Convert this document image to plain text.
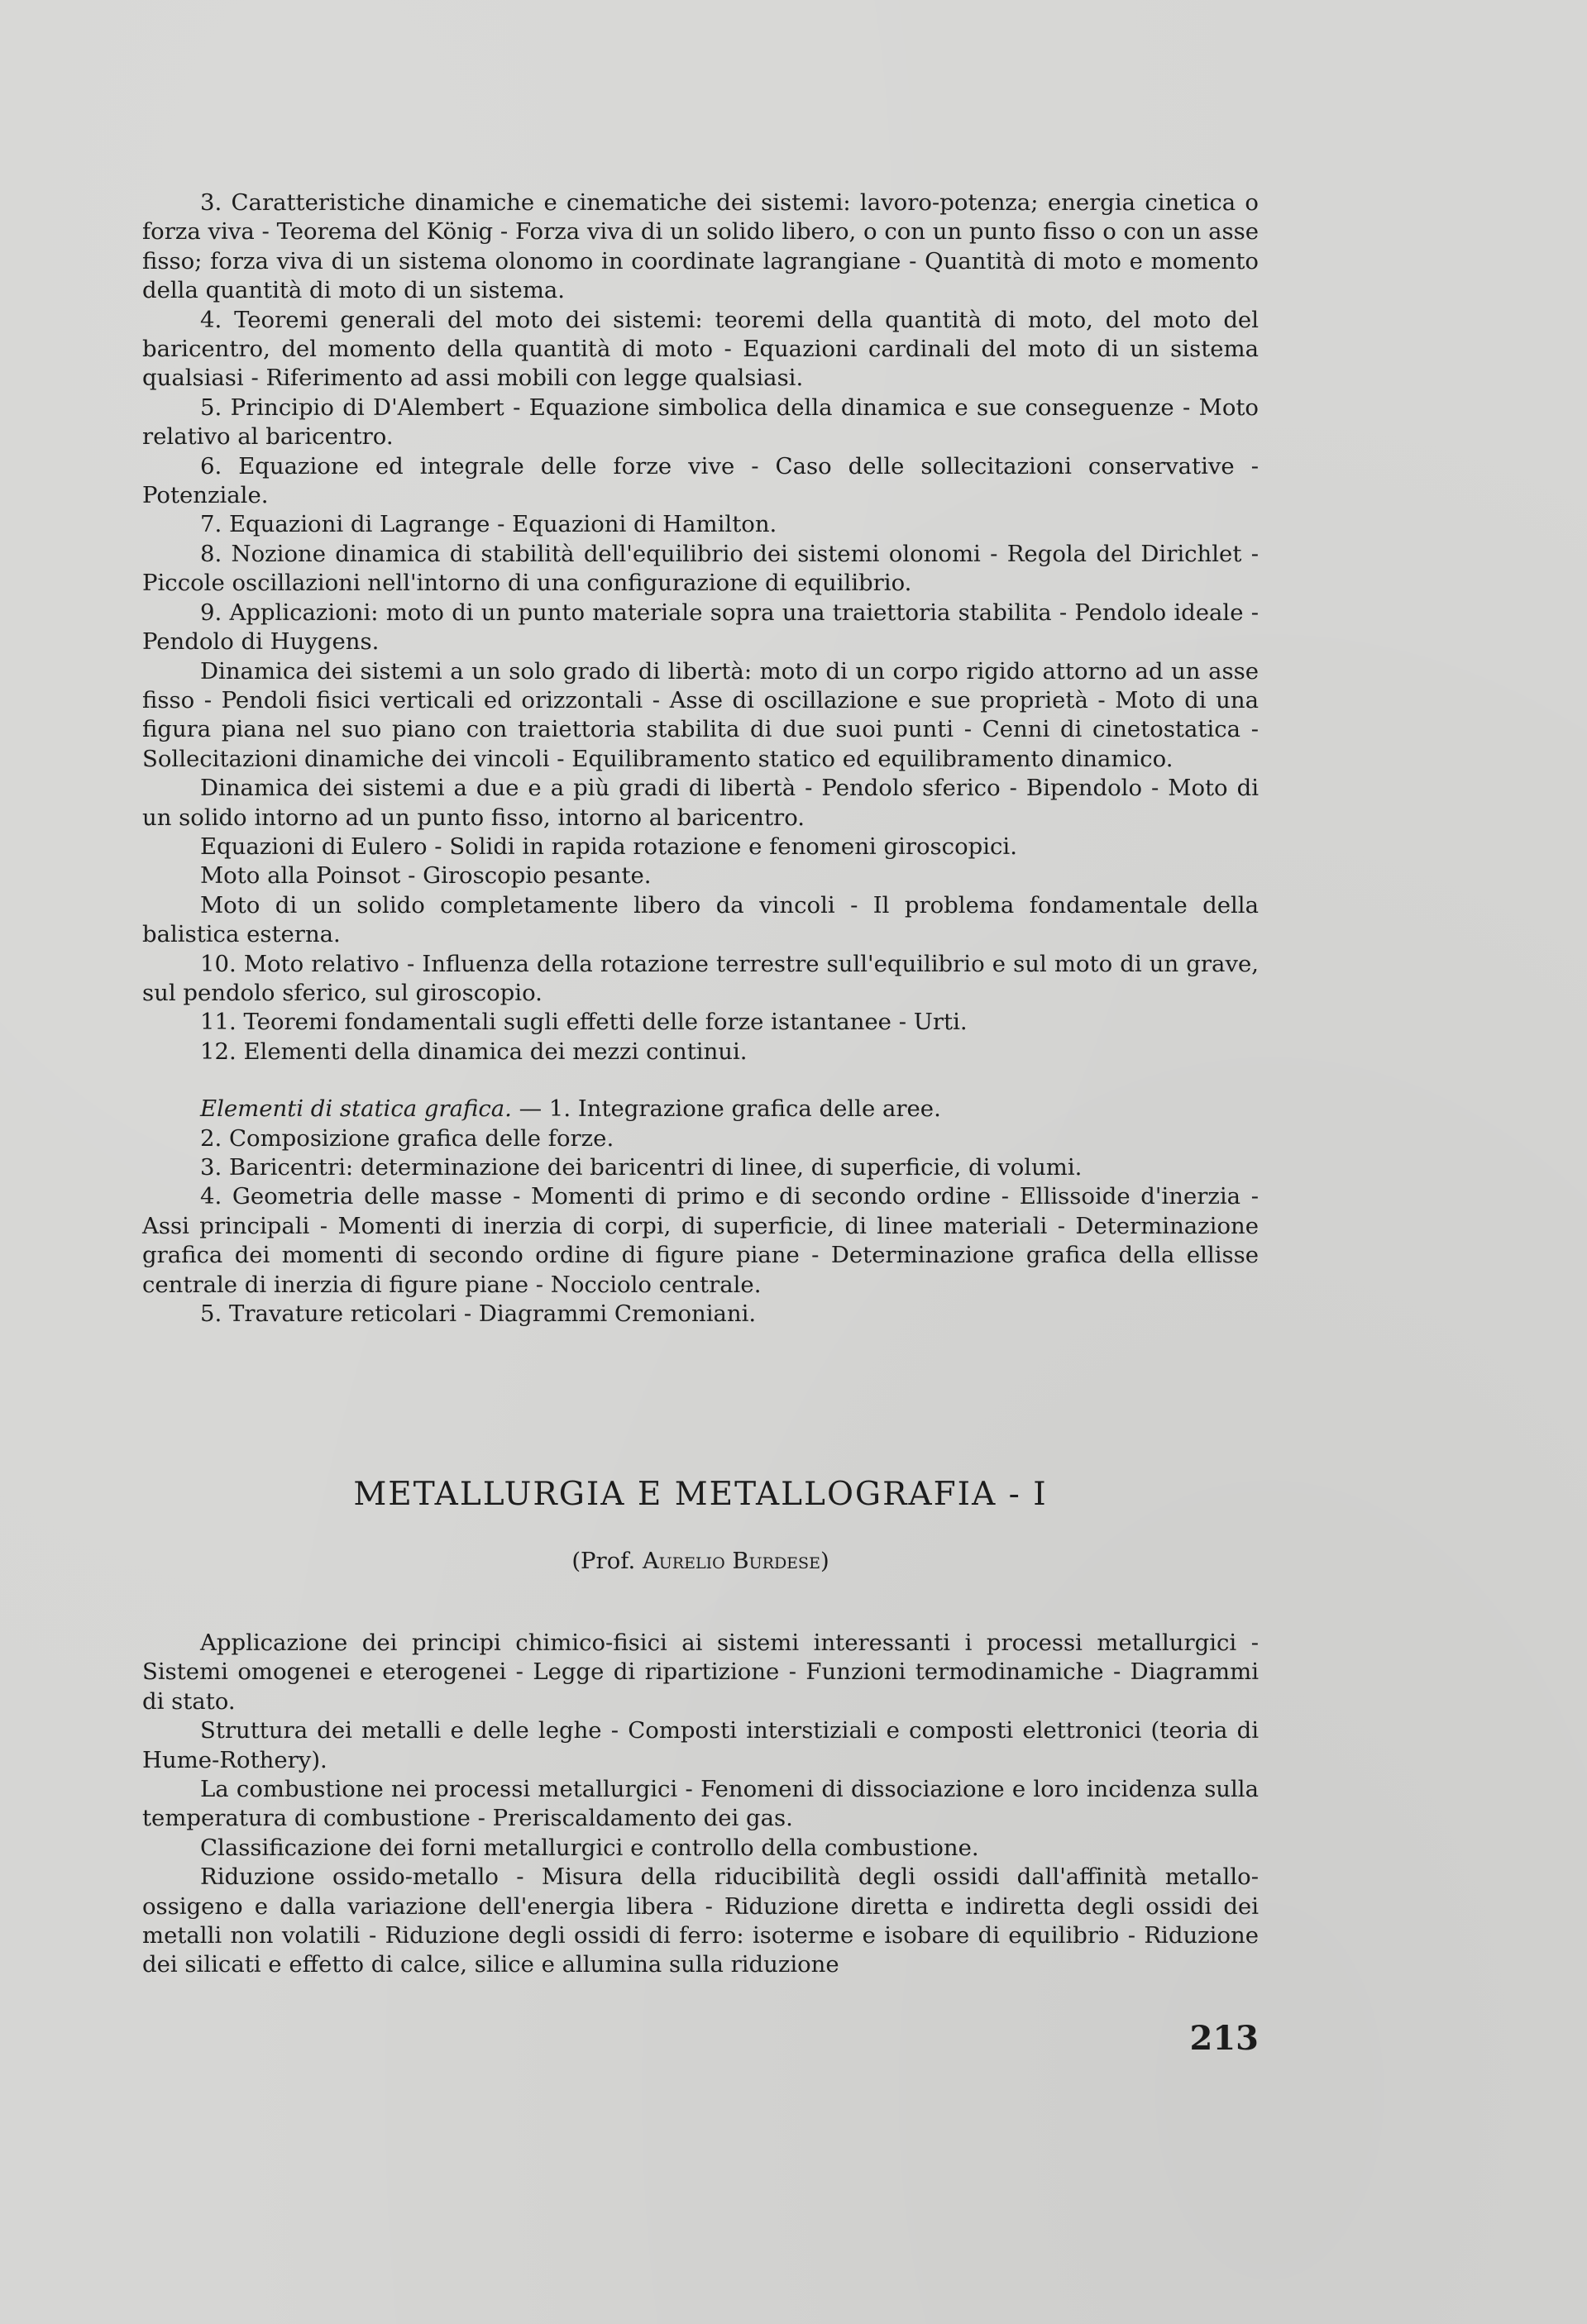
3. Caratteristiche dinamiche e cinematiche dei sistemi: lavoro-potenza; energia cinetica o forza viva - Teorema del König - Forza viva di un solido libero, o con un punto fisso o con un asse fisso; forza viva di un sistema olonomo in coordinate lagrangiane - Quantità di moto e momento della quantità di moto di un sistema.

4. Teoremi generali del moto dei sistemi: teoremi della quantità di moto, del moto del baricentro, del momento della quantità di moto - Equazioni cardinali del moto di un sistema qualsiasi - Riferimento ad assi mobili con legge qualsiasi.

5. Principio di D'Alembert - Equazione simbolica della dinamica e sue conseguenze - Moto relativo al baricentro.

6. Equazione ed integrale delle forze vive - Caso delle sollecitazioni conservative - Potenziale.

7. Equazioni di Lagrange - Equazioni di Hamilton.

8. Nozione dinamica di stabilità dell'equilibrio dei sistemi olonomi - Regola del Dirichlet - Piccole oscillazioni nell'intorno di una configurazione di equilibrio.

9. Applicazioni: moto di un punto materiale sopra una traiettoria stabilita - Pendolo ideale - Pendolo di Huygens.

Dinamica dei sistemi a un solo grado di libertà: moto di un corpo rigido attorno ad un asse fisso - Pendoli fisici verticali ed orizzontali - Asse di oscillazione e sue proprietà - Moto di una figura piana nel suo piano con traiettoria stabilita di due suoi punti - Cenni di cinetostatica - Sollecitazioni dinamiche dei vincoli - Equilibramento statico ed equilibramento dinamico.

Dinamica dei sistemi a due e a più gradi di libertà - Pendolo sferico - Bipendolo - Moto di un solido intorno ad un punto fisso, intorno al baricentro.

Equazioni di Eulero - Solidi in rapida rotazione e fenomeni giroscopici.

Moto alla Poinsot - Giroscopio pesante.

Moto di un solido completamente libero da vincoli - Il problema fondamentale della balistica esterna.

10. Moto relativo - Influenza della rotazione terrestre sull'equilibrio e sul moto di un grave, sul pendolo sferico, sul giroscopio.

11. Teoremi fondamentali sugli effetti delle forze istantanee - Urti.

12. Elementi della dinamica dei mezzi continui.

Elementi di statica grafica. — 1. Integrazione grafica delle aree.

2. Composizione grafica delle forze.

3. Baricentri: determinazione dei baricentri di linee, di superficie, di volumi.

4. Geometria delle masse - Momenti di primo e di secondo ordine - Ellissoide d'inerzia - Assi principali - Momenti di inerzia di corpi, di superficie, di linee materiali - Determinazione grafica dei momenti di secondo ordine di figure piane - Determinazione grafica della ellisse centrale di inerzia di figure piane - Nocciolo centrale.

5. Travature reticolari - Diagrammi Cremoniani.

METALLURGIA E METALLOGRAFIA - I
(Prof. Aurelio Burdese)

Applicazione dei principi chimico-fisici ai sistemi interessanti i processi metallurgici - Sistemi omogenei e eterogenei - Legge di ripartizione - Funzioni termodinamiche - Diagrammi di stato.

Struttura dei metalli e delle leghe - Composti interstiziali e composti elettronici (teoria di Hume-Rothery).

La combustione nei processi metallurgici - Fenomeni di dissociazione e loro incidenza sulla temperatura di combustione - Preriscaldamento dei gas.

Classificazione dei forni metallurgici e controllo della combustione.

Riduzione ossido-metallo - Misura della riducibilità degli ossidi dall'affinità metallo-ossigeno e dalla variazione dell'energia libera - Riduzione diretta e indiretta degli ossidi dei metalli non volatili - Riduzione degli ossidi di ferro: isoterme e isobare di equilibrio - Riduzione dei silicati e effetto di calce, silice e allumina sulla riduzione

213
